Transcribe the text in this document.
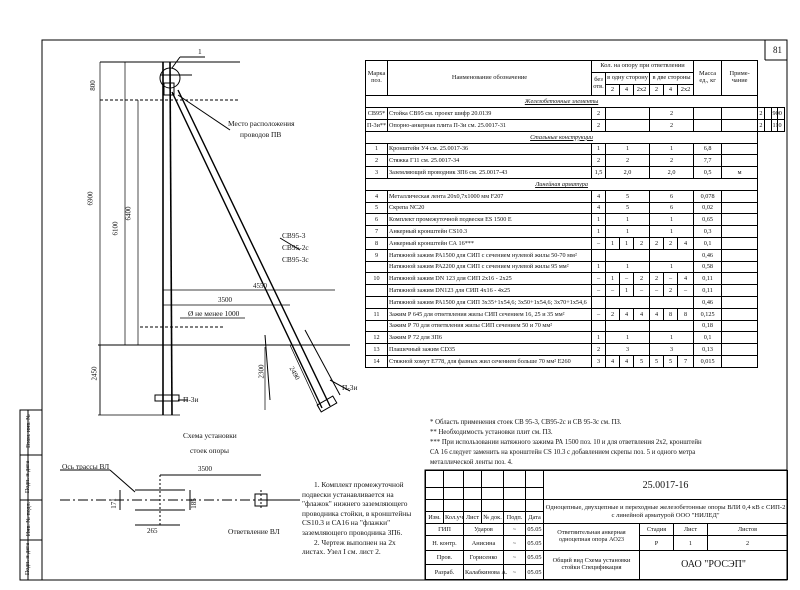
81
1
Место расположения
проводов ПВ
СВ95-3
СВ95-2с
СВ95-3с
800
6900
6100
6400
2450	2300	2490
4550
3500
Ø не менее 1000
П-3и
П-3и
Схема установки
стоек опоры
Ось трассы ВЛ
Ответвление ВЛ
3500
171	185
265
Взам. инв. №
Подп. и дата
Инв. № подл.
Подп. и дата
Марка поз.	Наименование обозначение	Кол. на опору при ответвлении							Масса ед., кг	Приме- чание				
		без отв.	в одну сторону			в две стороны								
			2	4	2х2	2	4	2х2						
Железобетонные элементы														
СВ95*	Стойка СВ95 см. проект шифр 20.0139	2				2					2		900	
П-3и**	Опорно-анкерная плита П-3и см. 25.0017-31	2				2					2		110	
Стальные конструкции														
1	Кронштейн У4 см. 25.0017-36	1	1			1			6,8					
2	Стяжка Г11 см. 25.0017-34	2	2			2			7,7					
3	Заземляющий проводник ЗП6 см. 25.0017-43	1,5	2,0			2,0			0,5	м				
Линейная арматура														
4	Металлическая лента 20х0,7х1000 мм F207	4	5			6			0,078					
5	Скрепа NC20	4	5			6			0,02					
6	Комплект промежуточной подвески ES 1500 Е	1	1			1			0,65					
7	Анкерный кронштейн CS10.3	1	1			1			0,3					
8	Анкерный кронштейн СА 16***	–	1	1	2	2	2	4	0,1					
9	Натяжной зажим РА1500 для СИП с сечением нулевой жилы 50-70 мм²								0,46					
	Натяжной зажим РА2200 для СИП с сечением нулевой жилы 95 мм²	1	1			1			0,58					
10	Натяжной зажим DN 123 для СИП 2х16 - 2х25	–	1	–	2	2	–	4	0,11					
	Натяжной зажим DN123 для СИП 4х16 - 4х25	–	–	1	–	–	2	–	0,11					
	Натяжной зажим РА1500 для СИП 3х35+1х54,6; 3х50+1х54,6; 3х70+1х54,6								0,46					
11	Зажим Р 645 для ответвления жилы СИП сечением 16, 25 и 35 мм²	–	2	4	4	4	8	8	0,125					
	Зажим Р 70 для ответвления жилы СИП сечением 50 и 70 мм²								0,18					
12	Зажим Р 72 для ЗП6	1	1			1			0,1					
13	Плашечный зажим CD35	2	3			3			0,13					
14	Стяжной хомут Е778, для фазных жил сечением больше 70 мм² Е260	3	4	4	5	5	5	7	0,015					
* Область применения стоек СВ 95-3, СВ95-2с и СВ 95-3с см. ПЗ.
** Необходимость установки плит см. ПЗ.
*** При использовании натяжного зажима РА 1500 поз. 10 и для ответвления 2х2, кронштейн
СА 16 следует заменить на кронштейн CS 10.3 с добавлением скрепы поз. 5 и одного метра
металлической ленты поз. 4.
1. Комплект промежуточной
подвески устанавливается на
"флажок" нижнего заземляющего
проводника стойки, в кронштейны
CS10.3 и СА16 на "флажки"
заземляющего проводника ЗП6.
2. Чертеж выполнен на 2х
листах. Узел I см. лист 2.
						25.0017-16			

						Одноцепные, двухцепные и переходные железобетонные опоры ВЛИ 0,4 кВ с СИП-2 с линейной арматурой ООО "НИЛЕД"			
Изм.	Кол.уч	Лист	№ док.	Подп.	Дата				
ГИП		Ударов		~	05.05	Ответвительная анкерная одноцепная опора АО23	Стадия	Лист	Листов
Н. контр.		Анисина		~	05.05		Р	1	2
Пров.		Горисенко		~	05.05	Общий вид Схема установки стойки Спецификация	ОАО "РОСЭП"		
Разраб.		Калабкинова А.		~	05.05				
